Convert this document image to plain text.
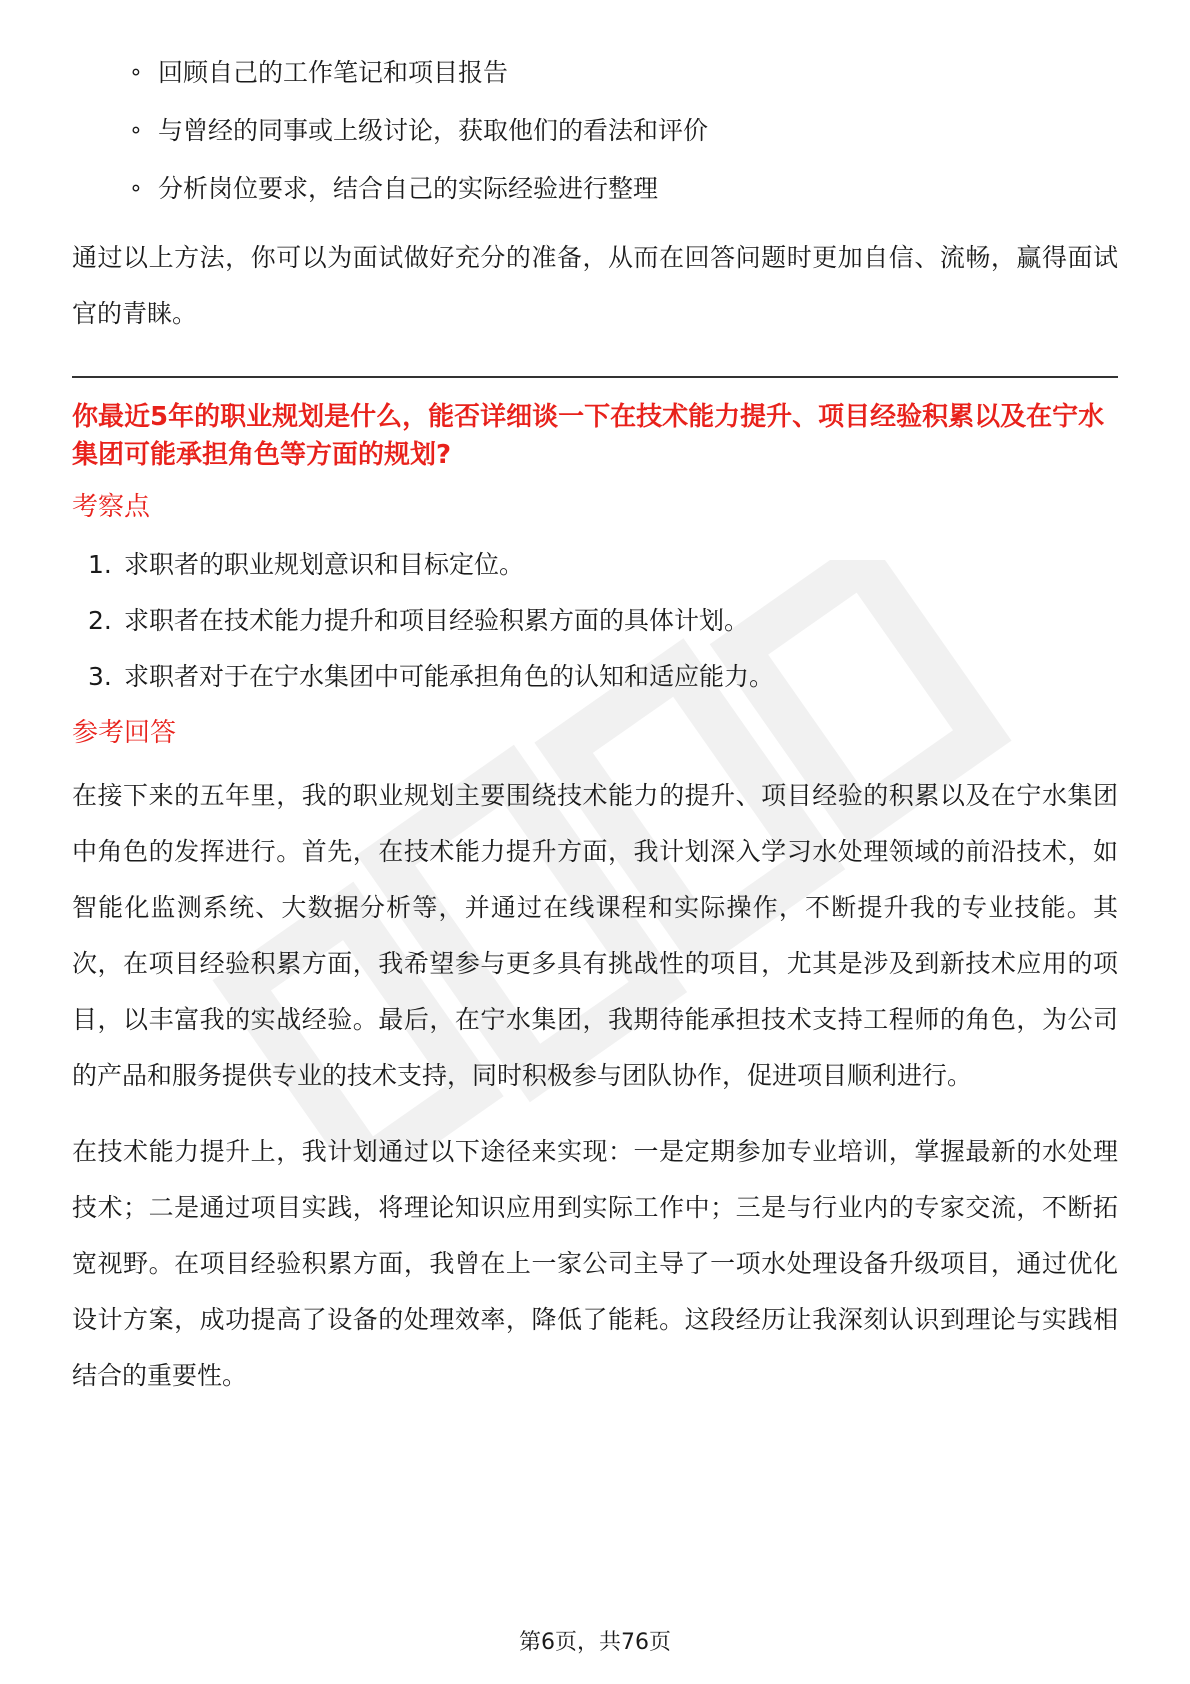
∘ 回顾自己的工作笔记和项目报告
∘ 与曾经的同事或上级讨论，获取他们的看法和评价
∘ 分析岗位要求，结合自己的实际经验进行整理

通过以上方法，你可以为面试做好充分的准备，从而在回答问题时更加自信、流畅，赢得面试官的青睐。

你最近5年的职业规划是什么，能否详细谈一下在技术能力提升、项目经验积累以及在宁水集团可能承担角色等方面的规划?

考察点

1. 求职者的职业规划意识和目标定位。
2. 求职者在技术能力提升和项目经验积累方面的具体计划。
3. 求职者对于在宁水集团中可能承担角色的认知和适应能力。

参考回答

在接下来的五年里，我的职业规划主要围绕技术能力的提升、项目经验的积累以及在宁水集团中角色的发挥进行。首先，在技术能力提升方面，我计划深入学习水处理领域的前沿技术，如智能化监测系统、大数据分析等，并通过在线课程和实际操作，不断提升我的专业技能。其次，在项目经验积累方面，我希望参与更多具有挑战性的项目，尤其是涉及到新技术应用的项目，以丰富我的实战经验。最后，在宁水集团，我期待能承担技术支持工程师的角色，为公司的产品和服务提供专业的技术支持，同时积极参与团队协作，促进项目顺利进行。

在技术能力提升上，我计划通过以下途径来实现：一是定期参加专业培训，掌握最新的水处理技术；二是通过项目实践，将理论知识应用到实际工作中；三是与行业内的专家交流，不断拓宽视野。在项目经验积累方面，我曾在上一家公司主导了一项水处理设备升级项目，通过优化设计方案，成功提高了设备的处理效率，降低了能耗。这段经历让我深刻认识到理论与实践相结合的重要性。

第6页，共76页
